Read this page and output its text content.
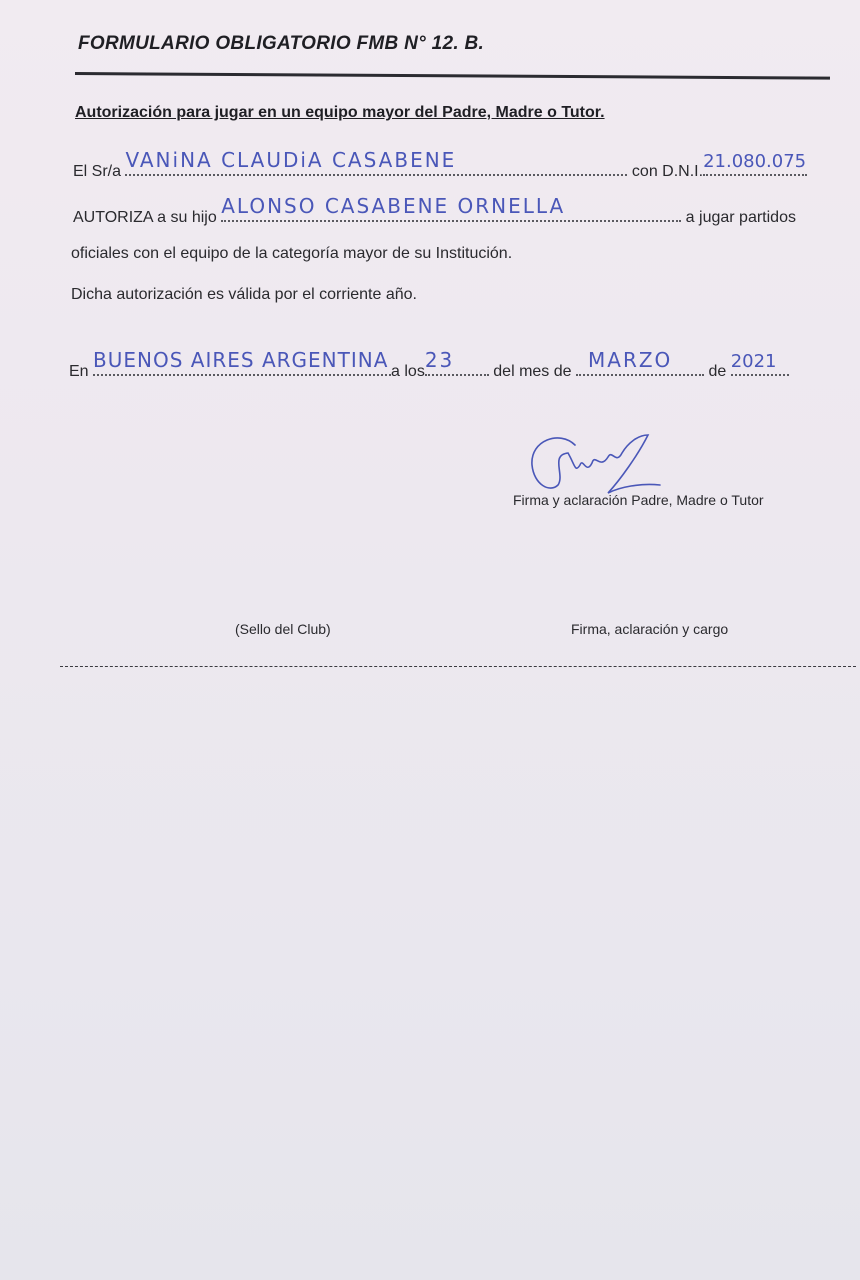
FORMULARIO OBLIGATORIO FMB N° 12. B.
Autorización para jugar en un equipo mayor del Padre, Madre o Tutor.
El Sr/a VANiNA CLAUDiA CASABENE	con D.N.I. 21.080.075
AUTORIZA a su hijo ALONSO CASABENE ORNELLA	a jugar partidos
oficiales con el equipo de la categoría mayor de su Institución.
Dicha autorización es válida por el corriente año.
En BUENOS AIRES ARGENTINA a los 23 del mes de MARZO de 2021
Firma y aclaración Padre, Madre o Tutor
(Sello del Club)	Firma, aclaración y cargo
